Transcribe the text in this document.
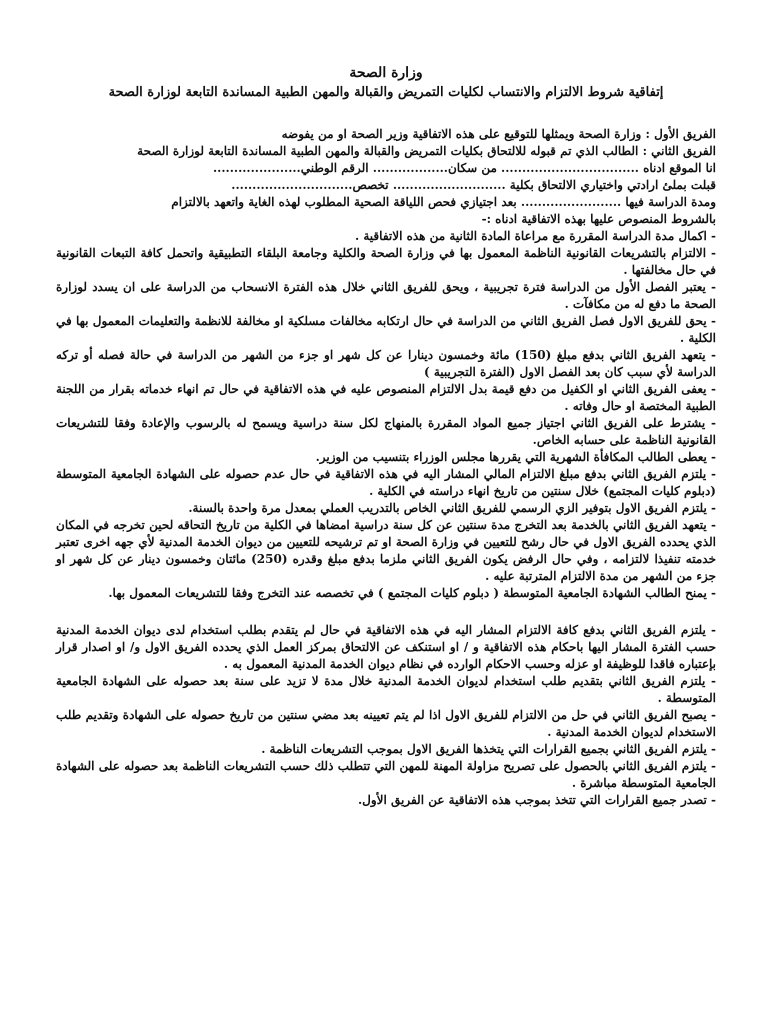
وزارة الصحة
إتفاقية شروط الالتزام والانتساب لكليات التمريض والقبالة والمهن الطبية المساندة التابعة لوزارة الصحة

الفريق الأول : وزارة الصحة ويمثلها للتوقيع على هذه الاتفاقية وزير الصحة او من يفوضه

الفريق الثاني : الطالب الذي تم قبوله للالتحاق بكليات التمريض والقبالة والمهن الطبية المساندة التابعة لوزارة الصحة

انا الموقع ادناه ................................. من سكان.................. الرقم الوطني.....................

قبلت بملئ ارادتي واختياري الالتحاق بكلية ........................... تخصص.............................

ومدة الدراسة فيها ........................ بعد اجتيازي فحص اللياقة الصحية المطلوب لهذه الغاية واتعهد بالالتزام

بالشروط المنصوص عليها بهذه الاتفاقية ادناه :-

- اكمال مدة الدراسة المقررة مع مراعاة المادة الثانية من هذه الاتفاقية .
- الالتزام بالتشريعات القانونية الناظمة المعمول بها في وزارة الصحة والكلية وجامعة البلقاء التطبيقية واتحمل كافة التبعات القانونية في حال مخالفتها .
- يعتبر الفصل الأول من الدراسة فترة تجريبية ، ويحق للفريق الثاني خلال هذه الفترة الانسحاب من الدراسة على ان يسدد لوزارة الصحة ما دفع له من مكافآت .
- يحق للفريق الاول فصل الفريق الثاني من الدراسة في حال ارتكابه مخالفات مسلكية او مخالفة للانظمة والتعليمات المعمول بها في الكلية .
- يتعهد الفريق الثاني بدفع مبلغ (150) مائة وخمسون دينارا عن كل شهر او جزء من الشهر من الدراسة في حالة فصله أو تركه الدراسة لأي سبب كان بعد الفصل الاول (الفترة التجريبية )
- يعفى الفريق الثاني او الكفيل من دفع قيمة بدل الالتزام المنصوص عليه في هذه الاتفاقية في حال تم انهاء خدماته بقرار من اللجنة الطبية المختصة او حال وفاته .
- يشترط على الفريق الثاني اجتياز جميع المواد المقررة بالمنهاج لكل سنة دراسية ويسمح له بالرسوب والإعادة وفقا للتشريعات القانونية الناظمة على حسابه الخاص.
- يعطى الطالب المكافأة الشهرية التي يقررها مجلس الوزراء بتنسيب من الوزير.
- يلتزم الفريق الثاني بدفع مبلغ الالتزام المالي المشار اليه في هذه الاتفاقية في حال عدم حصوله على الشهادة الجامعية المتوسطة (دبلوم كليات المجتمع) خلال سنتين من تاريخ انهاء دراسته في الكلية .
- يلتزم الفريق الاول بتوفير الزي الرسمي للفريق الثاني الخاص بالتدريب العملي بمعدل مرة واحدة بالسنة.
- يتعهد الفريق الثاني بالخدمة بعد التخرج مدة سنتين عن كل سنة دراسية امضاها في الكلية من تاريخ التحاقه لحين تخرجه في المكان الذي يحدده الفريق الاول في حال رشح للتعيين في وزارة الصحة او تم ترشيحه للتعيين من ديوان الخدمة المدنية لأي جهه اخرى تعتبر خدمته تنفيذا لالتزامه ، وفي حال الرفض يكون الفريق الثاني ملزما بدفع مبلغ وقدره (250) مائتان وخمسون دينار عن كل شهر او جزء من الشهر من مدة الالتزام المترتبة عليه .
- يمنح الطالب الشهادة الجامعية المتوسطة ( دبلوم كليات المجتمع ) في تخصصه عند التخرج وفقا للتشريعات المعمول بها.
- يلتزم الفريق الثاني بدفع كافة الالتزام المشار اليه في هذه الاتفاقية في حال لم يتقدم بطلب استخدام لدى ديوان الخدمة المدنية حسب الفترة المشار اليها باحكام هذه الاتفاقية و / او استنكف عن الالتحاق بمركز العمل الذي يحدده الفريق الاول و/ او اصدار قرار بإعتباره فاقدا للوظيفة او عزله وحسب الاحكام الوارده في نظام ديوان الخدمة المدنية المعمول به .
- يلتزم الفريق الثاني بتقديم طلب استخدام لديوان الخدمة المدنية خلال مدة لا تزيد على سنة بعد حصوله على الشهادة الجامعية المتوسطة .
- يصبح الفريق الثاني في حل من الالتزام للفريق الاول اذا لم يتم تعيينه بعد مضي سنتين من تاريخ حصوله على الشهادة وتقديم طلب الاستخدام لديوان الخدمة المدنية .
- يلتزم الفريق الثاني بجميع القرارات التي يتخذها الفريق الاول بموجب التشريعات الناظمة .
- يلتزم الفريق الثاني بالحصول على تصريح مزاولة المهنة للمهن التي تتطلب ذلك حسب التشريعات الناظمة بعد حصوله على الشهادة الجامعية المتوسطة مباشرة .
- تصدر جميع القرارات التي تتخذ بموجب هذه الاتفاقية عن الفريق الأول.
